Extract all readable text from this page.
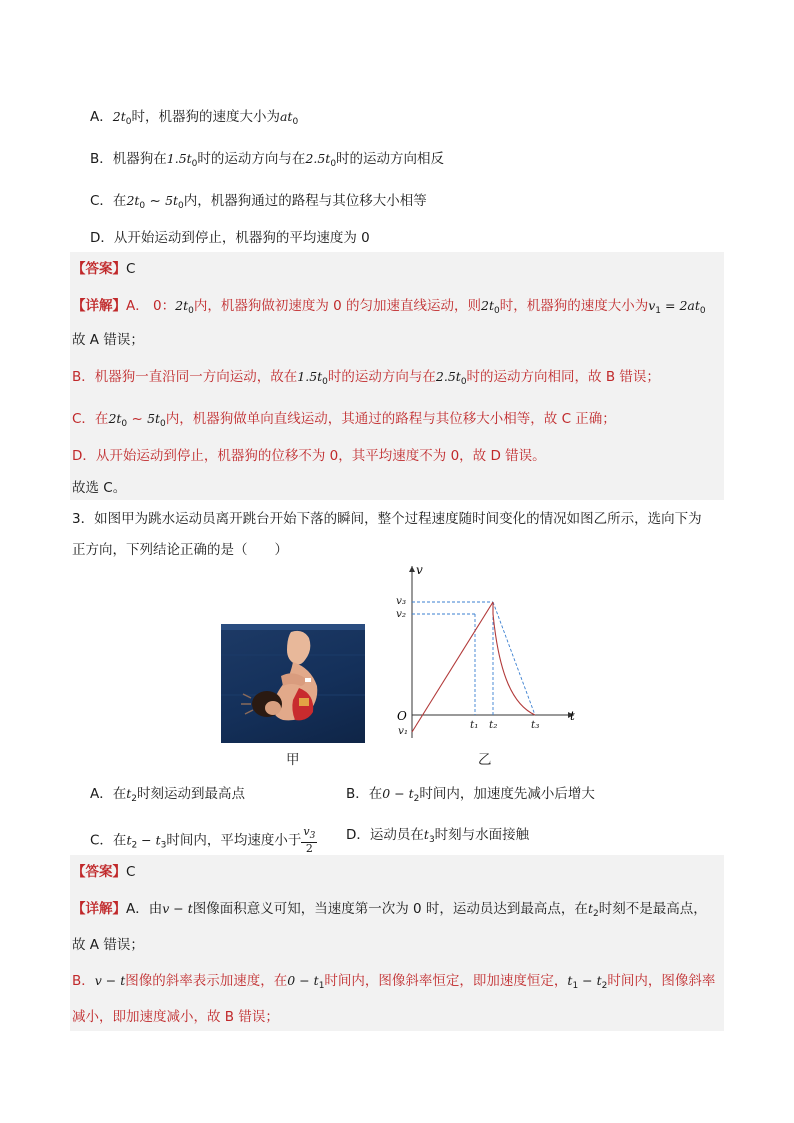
A．$2t_0$时，机器狗的速度大小为$at_0$
B．机器狗在$1.5t_0$时的运动方向与在$2.5t_0$时的运动方向相反
C．在$2t_0$ ~ $5t_0$内，机器狗通过的路程与其位移大小相等
D．从开始运动到停止，机器狗的平均速度为 0
【答案】C
【详解】A． 0：$2t_0$内，机器狗做初速度为 0 的匀加速直线运动，则$2t_0$时，机器狗的速度大小为$v_1 = 2at_0$
故 A 错误；
B．机器狗一直沿同一方向运动，故在$1.5t_0$时的运动方向与在$2.5t_0$时的运动方向相同，故 B 错误；
C．在$2t_0$ ~ $5t_0$内，机器狗做单向直线运动，其通过的路程与其位移大小相等，故 C 正确；
D．从开始运动到停止，机器狗的位移不为 0，其平均速度不为 0，故 D 错误。
故选 C。
3．如图甲为跳水运动员离开跳台开始下落的瞬间，整个过程速度随时间变化的情况如图乙所示，选向下为
正方向，下列结论正确的是（　　）
甲
v
t
O
v₃
v₂
v₁	t₁ t₂	t₃
乙
A．在$t_2$时刻运动到最高点	B．在$0 - t_2$时间内，加速度先减小后增大
C．在$t_2 - t_3$时间内，平均速度小于 $\frac{v_3}{2}$ D．运动员在$t_3$时刻与水面接触
【答案】C
【详解】A．由v − t图像面积意义可知，当速度第一次为 0 时，运动员达到最高点，在$t_2$时刻不是最高点，
故 A 错误；
B．v − t图像的斜率表示加速度，在$0 - t_1$时间内，图像斜率恒定，即加速度恒定，$t_1 - t_2$时间内，图像斜率
减小，即加速度减小，故 B 错误；
